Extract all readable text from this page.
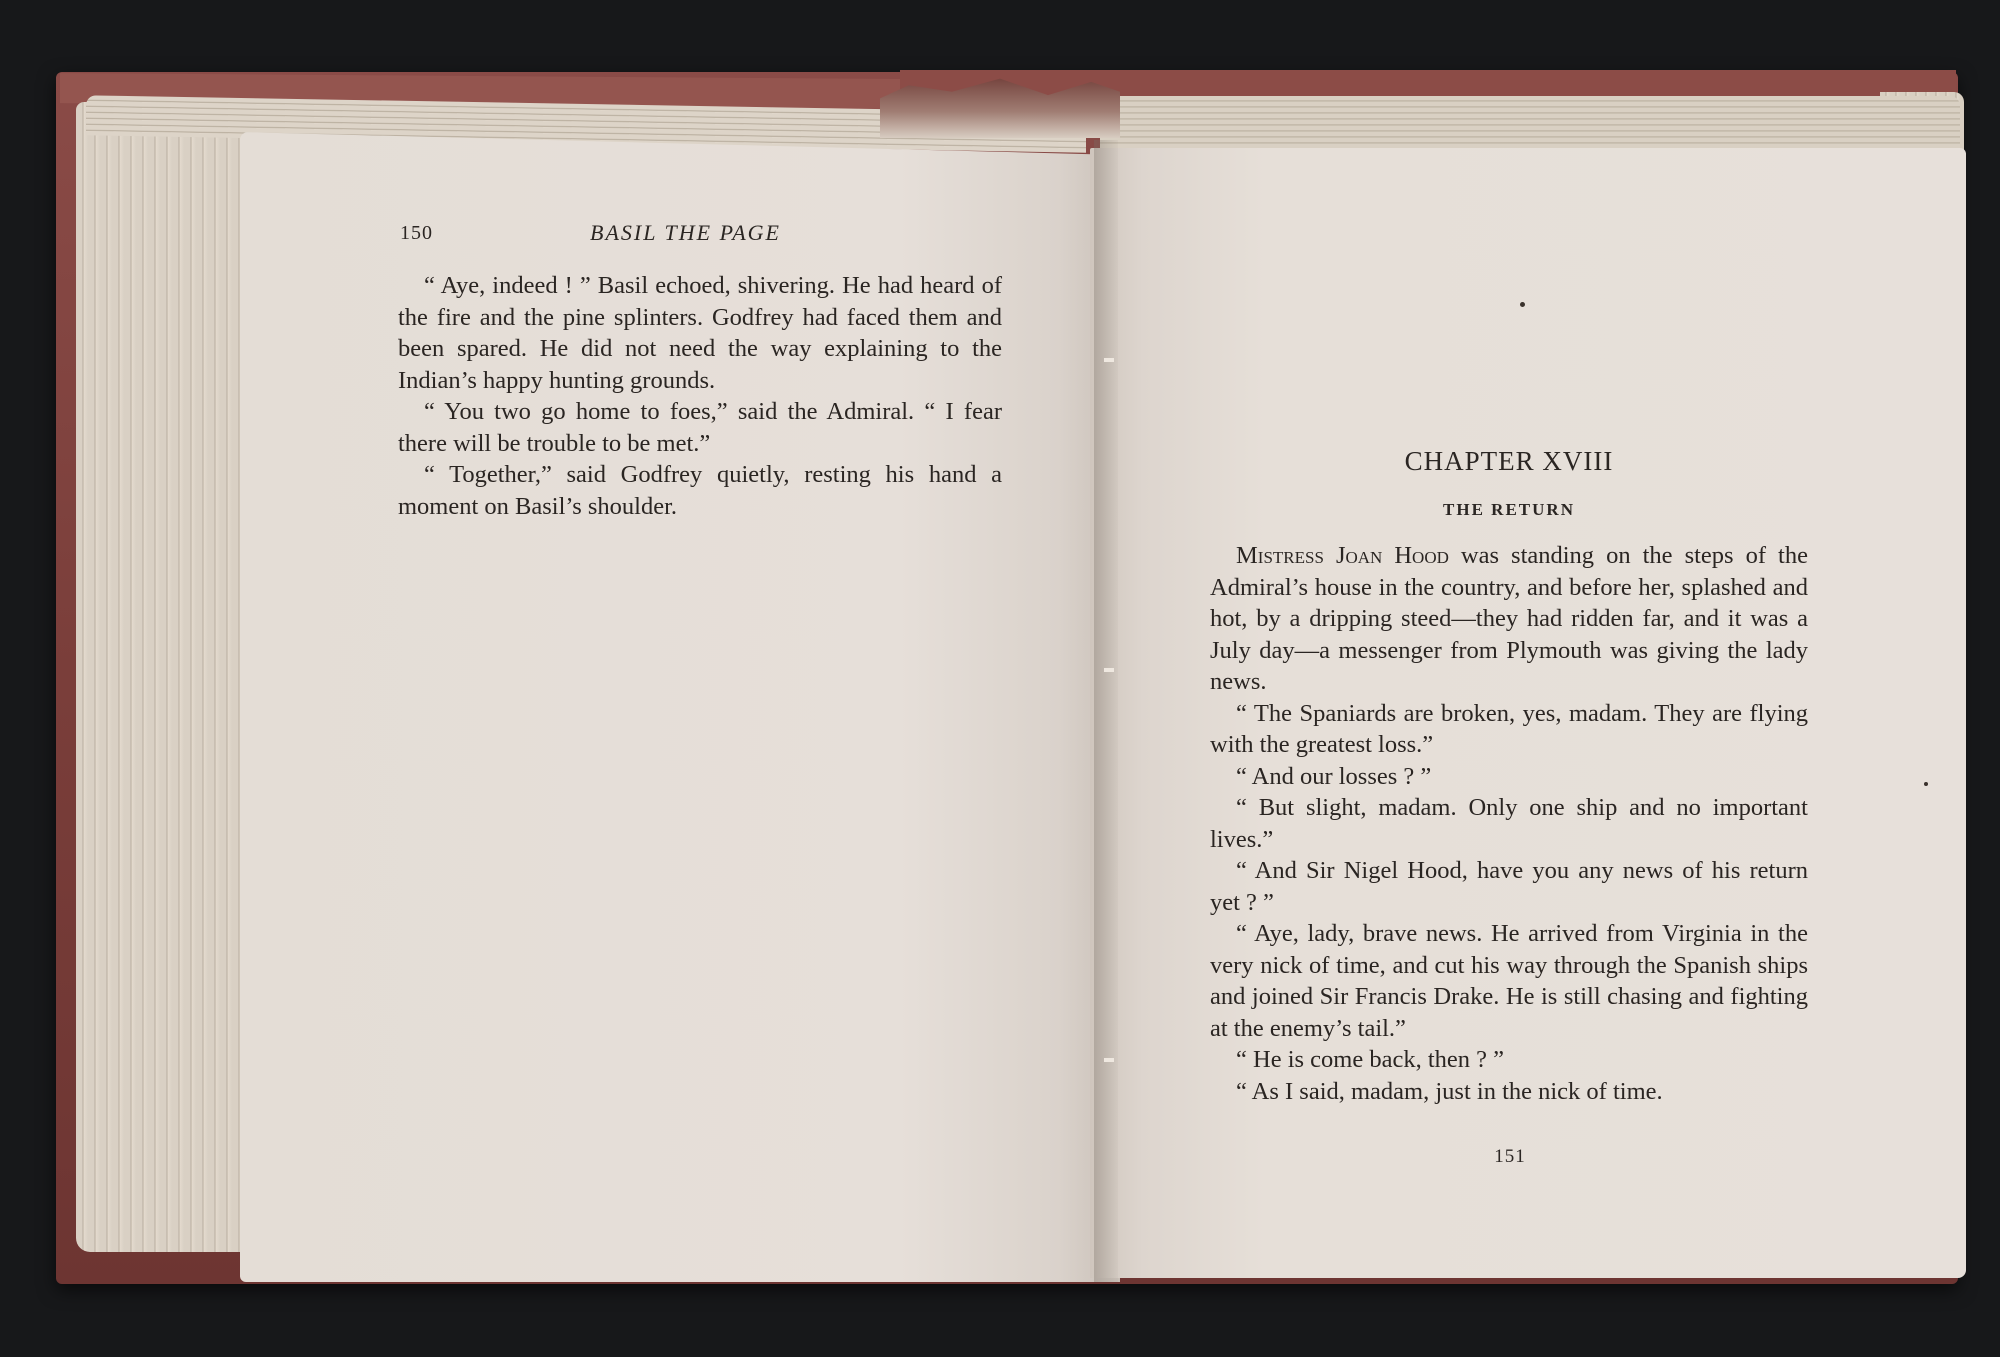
150	BASIL THE PAGE

“ Aye, indeed ! ” Basil echoed, shivering. He had heard of the fire and the pine splinters. Godfrey had faced them and been spared. He did not need the way explaining to the Indian’s happy hunting grounds.

“ You two go home to foes,” said the Admiral. “ I fear there will be trouble to be met.”

“ Together,” said Godfrey quietly, resting his hand a moment on Basil’s shoulder.

CHAPTER XVIII
THE RETURN

Mistress Joan Hood was standing on the steps of the Admiral’s house in the country, and before her, splashed and hot, by a dripping steed—they had ridden far, and it was a July day—a messenger from Plymouth was giving the lady news.

“ The Spaniards are broken, yes, madam. They are flying with the greatest loss.”

“ And our losses ? ”

“ But slight, madam. Only one ship and no important lives.”

“ And Sir Nigel Hood, have you any news of his return yet ? ”

“ Aye, lady, brave news. He arrived from Virginia in the very nick of time, and cut his way through the Spanish ships and joined Sir Francis Drake. He is still chasing and fighting at the enemy’s tail.”

“ He is come back, then ? ”

“ As I said, madam, just in the nick of time.

151
